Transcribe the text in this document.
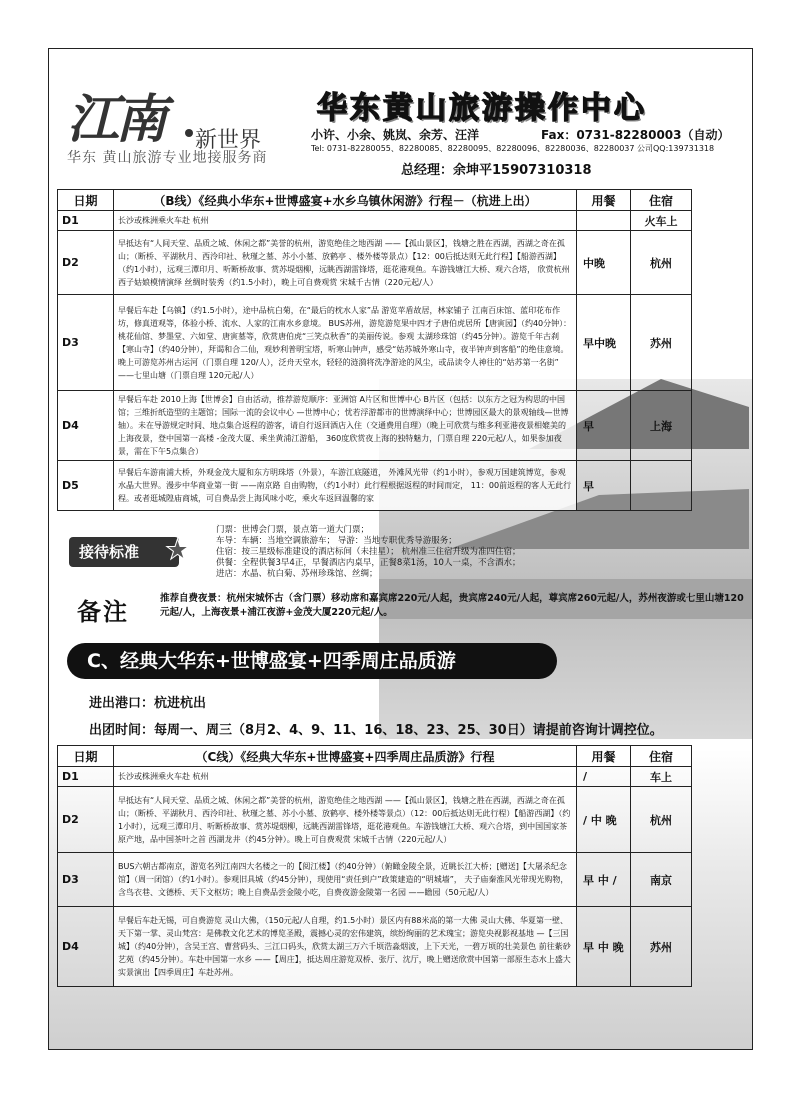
江南 新世界
华东 黄山旅游专业地接服务商
华东黄山旅游操作中心
小许、小余、姚岚、余芳、汪洋	Fax：0731-82280003（自动）
Tel: 0731-82280055、82280085、82280095、82280096、82280036、82280037 公司QQ:139731318
总经理：余坤平15907310318
日期	（B线）《经典小华东+世博盛宴+水乡乌镇休闲游》行程－（杭进上出）	用餐	住宿
D1	长沙或株洲乘火车赴 杭州		火车上
D2	早抵达有“人间天堂、品质之城、休闲之都”美誉的杭州，游览绝佳之地西湖 ——【孤山景区】，钱塘之胜在西湖，西湖之奇在孤山；（断桥、平湖秋月、西泠印社、秋瑾之墓、苏小小墓、放鹤亭 、楼外楼等景点）【12：00后抵达则无此行程】【船游西湖】（约1小时），远观三潭印月、听断桥故事、赏苏堤烟柳，远眺西湖雷锋塔，逛花港观鱼。车游钱塘江大桥、观六合塔， 欣赏杭州西子姑娘模情演绎 丝绸时装秀（约1.5小时），晚上可自费观赏 宋城千古情（220元起/人）	中晚	杭州
D3	早餐后车赴【乌镇】（约1.5小时），途中品杭白菊，在“最后的枕水人家”品 游览苹盾故居，林家铺子 江南百床馆、蓝印花布作坊，修真道观等，体验小桥、流水、人家的江南水乡意境。 BUS苏州，游览游览果中四才子唐伯虎居所【唐寅园】（约40分钟）：桃花仙馆、梦墨堂、六如堂、唐寅墓等，欣赏唐伯虎“三笑点秋香”的美丽传说。参观 太湖珍珠馆（约45分钟）。游览千年古刹【寒山寺】（约40分钟），拜谒和合二仙，观妙利普明宝塔，听寒山钟声，感受“姑苏城外寒山寺，夜半钟声到客船”的绝佳意境。晚上可游览苏州古运河（门票自理 120/人），泛舟天堂水，轻轻的涟漪将洗净游途的风尘，或品读令人神往的“姑苏第一名街” ——七里山塘（门票自理 120元起/人）	早中晚	苏州
D4	早餐后车赴 2010上海【世博会】自由活动，推荐游览顺序：亚洲馆 A片区和世博中心 B片区（包括：以东方之冠为构思的中国馆；三维折纸造型的主题馆；国际一流的会议中心 —世博中心；忧若浮游都市的世博演绎中心；世博园区最大的景观轴线—世博轴）。未在导游规定时间、地点集合返程的游客，请自行返回酒店入住（交通费用自理）（晚上可欣赏与维多利亚港夜景相媲美的上海夜景，登中国第一高楼 -金茂大厦、乘坐黄浦江游船， 360度欣赏夜上海的独特魅力，门票自理 220元起/人，如果参加夜景，需在下午5点集合）	早	上海
D5	早餐后车游南浦大桥，外观金茂大厦和东方明珠塔（外景），车游江底隧道， 外滩风光带（约1小时），参观万国建筑博览，参观水晶大世界。漫步中华商业第一街 ——南京路 自由购物，（约1小时）此行程根据返程的时间而定， 11：00前返程的客人无此行程。或者逛城隍庙商城，可自费品尝上海风味小吃，乘火车返回温馨的家	早	
接待标准 ★
门票：世博会门票，景点第一道大门票；
车导：车辆：当地空调旅游车； 导游：当地专职优秀导游服务；
住宿：按三星级标准建设的酒店标间（未挂星）； 杭州准三住宿升级为准四住宿；
供餐：全程供餐3早4正，早餐酒店内桌早，正餐8菜1汤，10人一桌，不含酒水；
进店：水晶、杭白菊、苏州珍珠馆、丝绸；
备注	推荐自费夜景：杭州宋城怀古（含门票）移动席和嘉宾席220元/人起，贵宾席240元/人起，尊宾席260元起/人，苏州夜游或七里山塘120元起/人，上海夜景+浦江夜游+金茂大厦220元起/人。
C、经典大华东+世博盛宴+四季周庄品质游
进出港口：杭进杭出
出团时间：每周一、周三（8月2、4、9、11、16、18、23、25、30日）请提前咨询计调控位。
日期	（C线）《经典大华东+世博盛宴+四季周庄品质游》行程	用餐	住宿
D1	长沙或株洲乘火车赴 杭州	/	车上
D2	早抵达有“人间天堂、品质之城、休闲之都”美誉的杭州，游览绝佳之地西湖 ——【孤山景区】，钱塘之胜在西湖，西湖之奇在孤山；（断桥、平湖秋月、西泠印社、秋瑾之墓、苏小小墓、放鹤亭、楼外楼等景点）（12：00后抵达则无此行程）【船游西湖】（约1小时），远观三潭印月、听断桥故事、赏苏堤烟柳，远眺西湖雷锋塔，逛花港观鱼。车游钱塘江大桥、观六合塔，到中国国家茶原产地，品中国茶叶之首 西湖龙井（约45分钟）。晚上可自费观赏 宋城千古情（220元起/人）	/ 中 晚	杭州
D3	BUS六朝古都南京，游览名列江南四大名楼之一的【阅江楼】（约40分钟）（俯瞰金陵全景，近眺长江大桥；[赠送]【大屠杀纪念馆】（周一闭馆）（约1小时）。参观旧具城（约45分钟），现使用“责任到户”政策建造的“明城墙”， 夫子庙秦淮风光带现光购物，含鸟衣巷、文德桥、天下文枢坊；晚上自费品尝金陵小吃，自费夜游金陵第一名园 ——瞻园（50元起/人）	早 中 /	南京
D4	早餐后车赴无锡，可自费游览 灵山大佛，（150元起/人自理，约1.5小时）景区内有88米高的第一大佛 灵山大佛、华夏第一壁、天下第一掌、灵山梵宫：是佛教文化艺术的博览圣殿，震撼心灵的宏伟建筑，缤纷绚丽的艺术瑰宝；游览央视影视基地 —【三国城】（约40分钟），含吴王宫、曹营码头、三江口码头，欣赏太湖三万六千顷浩淼烟波，上下天光，一碧万顷的壮美景色 前往紫砂艺苑（约45分钟）。车赴中国第一水乡 ——【周庄】，抵达周庄游览双桥、张厅、沈厅，晚上赠送欣赏中国第一部原生态水上盛大实景演出【四季周庄】车赴苏州。	早 中 晚	苏州
